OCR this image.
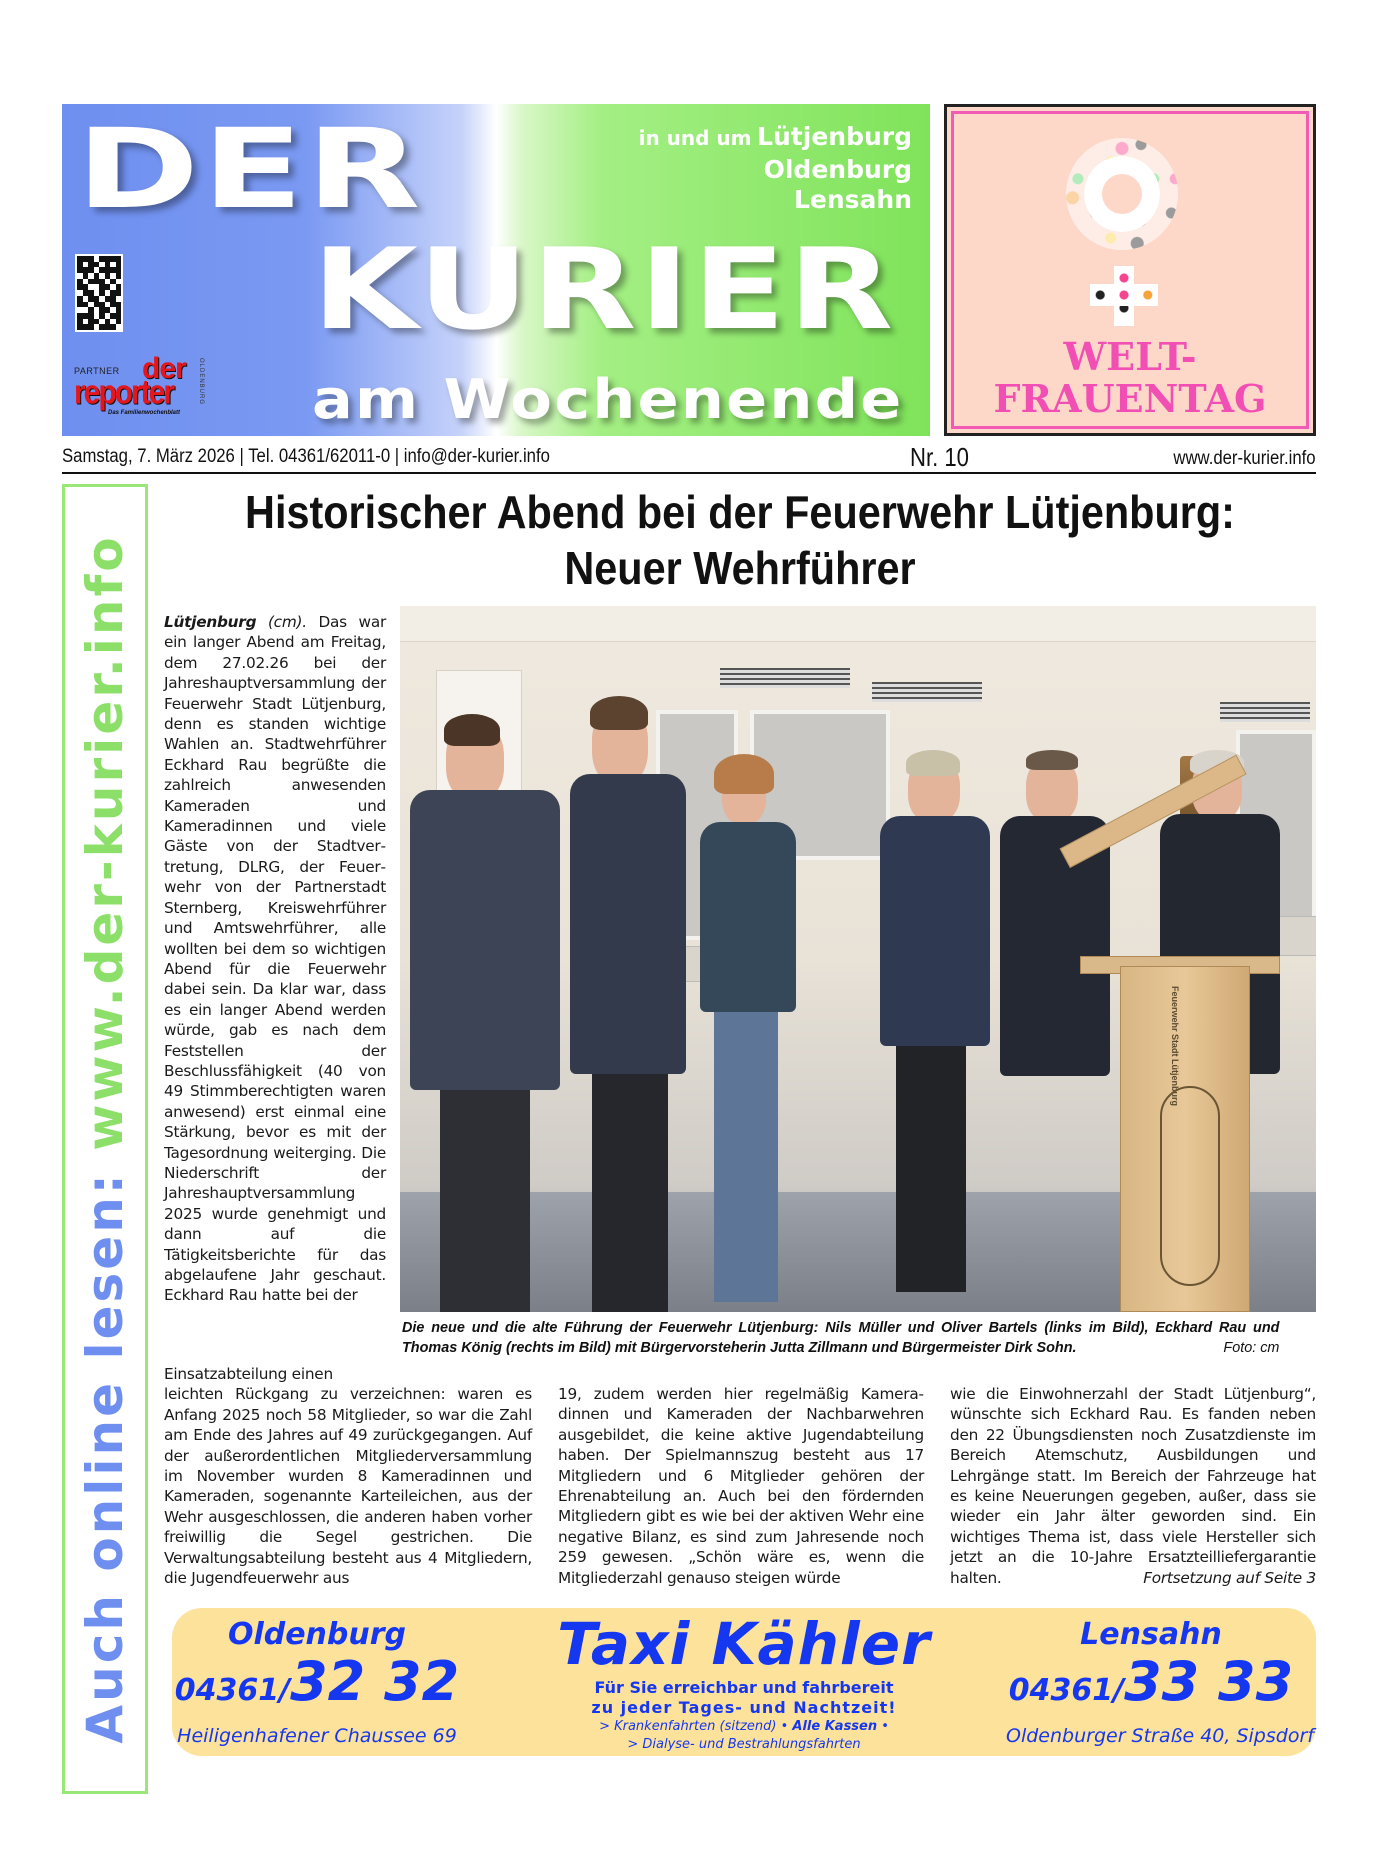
DER
KURIER
am Wochenende
in und um Lütjenburg
Oldenburg
Lensahn
PARTNER der
reporter
Das Familienwochenblatt
OLDENBURG
WELT-
FRAUENTAG
Samstag, 7. März 2026 | Tel. 04361/62011-0 | info@der-kurier.info	Nr. 10	www.der-kurier.info
Auch online lesen: www.der-kurier.info
Historischer Abend bei der Feuerwehr Lütjenburg:
Neuer Wehrführer
Lütjenburg (cm). Das war ein langer Abend am Freitag, dem 27.02.26 bei der Jahreshauptversammlung der Feuerwehr Stadt Lütjenburg, denn es standen wichtige Wahlen an. Stadtwehrführer Eckhard Rau begrüßte die zahlreich anwesenden Kameraden und Kameradinnen und viele Gäste von der Stadtvertretung, DLRG, der Feuerwehr von der Partnerstadt Sternberg, Kreiswehrführer und Amtswehrführer, alle wollten bei dem so wichtigen Abend für die Feuerwehr dabei sein. Da klar war, dass es ein langer Abend werden würde, gab es nach dem Feststellen der Beschlussfähigkeit (40 von 49 Stimmberechtigten waren anwesend) erst einmal eine Stärkung, bevor es mit der Tagesordnung weiterging. Die Niederschrift der Jahreshauptversammlung 2025 wurde genehmigt und dann auf die Tätigkeitsberichte für das abgelaufene Jahr geschaut. Eckhard Rau hatte bei der
Feuerwehr Stadt Lütjenburg
Die neue und die alte Führung der Feuerwehr Lütjenburg: Nils Müller und Oliver Bartels (links im Bild), Eckhard Rau und Thomas König (rechts im Bild) mit Bürgervorsteherin Jutta Zillmann und Bürgermeister Dirk Sohn.	Foto: cm
Einsatzabteilung einen
leichten Rückgang zu verzeichnen: waren es Anfang 2025 noch 58 Mitglieder, so war die Zahl am Ende des Jahres auf 49 zurückgegangen. Auf der außerordentlichen Mitgliederversammlung im November wurden 8 Kameradinnen und Kameraden, sogenannte Karteileichen, aus der Wehr ausgeschlossen, die anderen haben vorher freiwillig die Segel gestrichen. Die Verwaltungsabteilung besteht aus 4 Mitgliedern, die Jugendfeuerwehr aus
19, zudem werden hier regelmäßig Kameradinnen und Kameraden der Nachbarwehren ausgebildet, die keine aktive Jugendabteilung haben. Der Spielmannszug besteht aus 17 Mitgliedern und 6 Mitglieder gehören der Ehrenabteilung an. Auch bei den fördernden Mitgliedern gibt es wie bei der aktiven Wehr eine negative Bilanz, es sind zum Jahresende noch 259 gewesen. „Schön wäre es, wenn die Mitgliederzahl genauso steigen würde
wie die Einwohnerzahl der Stadt Lütjenburg“, wünschte sich Eckhard Rau. Es fanden neben den 22 Übungsdiensten noch Zusatzdienste im Bereich Atemschutz, Ausbildungen und Lehrgänge statt. Im Bereich der Fahrzeuge hat es keine Neuerungen gegeben, außer, dass sie wieder ein Jahr älter geworden sind. Ein wichtiges Thema ist, dass viele Hersteller sich jetzt an die 10-Jahre Ersatzteilliefergarantie halten.	Fortsetzung auf Seite 3
Oldenburg
04361/32 32
Heiligenhafener Chaussee 69
Taxi Kähler
Für Sie erreichbar und fahrbereit
zu jeder Tages- und Nachtzeit!
> Krankenfahrten (sitzend) • Alle Kassen •
> Dialyse- und Bestrahlungsfahrten
Lensahn
04361/33 33
Oldenburger Straße 40, Sipsdorf
